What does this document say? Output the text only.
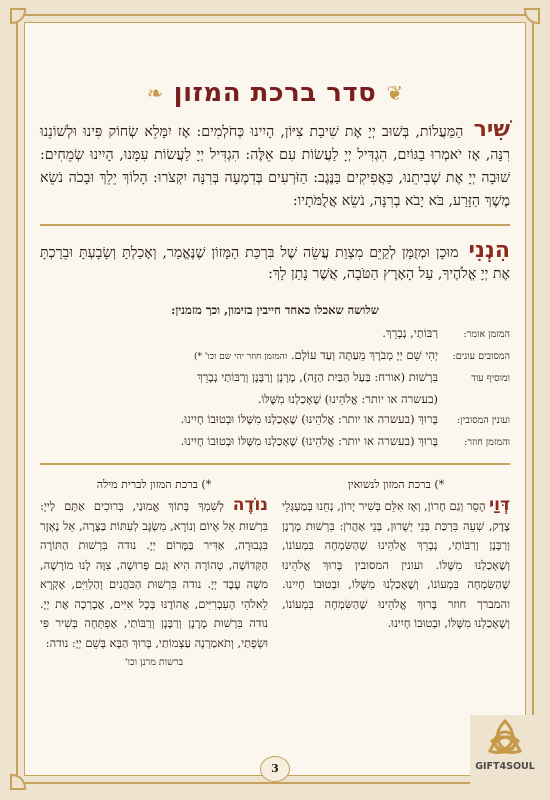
❦
סדר ברכת המזון
❧

שִׁיר הַמַּעֲלוֹת, בְּשׁוּב יְיָ אֶת שִׁיבַת צִיּוֹן, הָיִינוּ כְּחֹלְמִים: אָז יִמָּלֵא שְׂחוֹק פִּינוּ וּלְשׁוֹנֵנוּ רִנָּה, אָז יֹאמְרוּ בַגּוֹיִם, הִגְדִּיל יְיָ לַעֲשׂוֹת עִם אֵלֶּה: הִגְדִּיל יְיָ לַעֲשׂוֹת עִמָּנוּ, הָיִינוּ שְׂמֵחִים: שׁוּבָה יְיָ אֶת שְׁבִיתֵנוּ, כַּאֲפִיקִים בַּנֶּגֶב: הַזֹּרְעִים בְּדִמְעָה בְּרִנָּה יִקְצֹרוּ: הָלוֹךְ יֵלֵךְ וּבָכֹה נֹשֵׂא מֶשֶׁךְ הַזָּרַע, בֹּא יָבֹא בְרִנָּה, נֹשֵׂא אֲלֻמֹּתָיו:

הִנְנִי מוּכָן וּמְזֻמָּן לְקַיֵּם מִצְוַת עֲשֵׂה שֶׁל בִּרְכַּת הַמָּזוֹן שֶׁנֶּאֱמַר, וְאָכַלְתָּ וְשָׂבָעְתָּ וּבֵרַכְתָּ אֶת יְיָ אֱלֹהֶיךָ, עַל הָאָרֶץ הַטֹּבָה, אֲשֶׁר נָתַן לָךְ:

שלושה שאכלו כאחד חייבין בזימון, וכך מזמנין:
המזמן אומר:
רַבּוֹתַי, נְבָרֵךְ.
המסובים עונים:
יְהִי שֵׁם יְיָ מְבֹרָךְ מֵעַתָּה וְעַד עוֹלָם. והמזמן חוזר יהי שם וכו' *)
ומוסיף עוד
בִּרְשׁוּת (אורח: בַּעַל הַבַּיִת הַזֶּה), מָרָנָן וְרַבָּנָן וְרַבּוֹתַי נְבָרֵךְ
(בעשרה או יותר: אֱלֹהֵינוּ) שֶׁאָכַלְנוּ מִשֶּׁלּוֹ.
ועונין המסובין:
בָּרוּךְ (בעשרה או יותר: אֱלֹהֵינוּ) שֶׁאָכַלְנוּ מִשֶּׁלּוֹ וּבְטוּבוֹ חָיִינוּ.
והמזמן חוזר:
בָּרוּךְ (בעשרה או יותר: אֱלֹהֵינוּ) שֶׁאָכַלְנוּ מִשֶּׁלּוֹ וּבְטוּבוֹ חָיִינוּ.
*) ברכת המזון לנשואין
דְּוַי הָסֵר וְגַם חָרוֹן, וְאָז אִלֵּם בְּשִׁיר יָרוֹן, נְחֵנוּ בְּמַעְגְּלֵי צֶדֶק, שְׁעֵה בִּרְכַּת בְּנֵי יְשֻׁרוּן, בְּנֵי אַהֲרֹן: בִּרְשׁוּת מָרָנָן וְרַבָּנָן וְרַבּוֹתַי, נְבָרֵךְ אֱלֹהֵינוּ שֶׁהַשִּׂמְחָה בִּמְעוֹנוֹ, וְשֶׁאָכַלְנוּ מִשֶּׁלּוֹ. ועונין המסובין בָּרוּךְ אֱלֹהֵינוּ שֶׁהַשִּׂמְחָה בִּמְעוֹנוֹ, וְשֶׁאָכַלְנוּ מִשֶּׁלּוֹ, וּבְטוּבוֹ חָיִינוּ. והמברך חוזר בָּרוּךְ אֱלֹהֵינוּ שֶׁהַשִּׂמְחָה בִּמְעוֹנוֹ, וְשֶׁאָכַלְנוּ מִשֶּׁלּוֹ, וּבְטוּבוֹ חָיִינוּ.
*) ברכת המזון לברית מילה
נוֹדֶה לְשִׁמְךָ בְּתוֹךְ אֱמוּנַי, בְּרוּכִים אַתֶּם לַייָ: בִּרְשׁוּת אֵל אָיוֹם וְנוֹרָא, מִשְׂגָּב לְעִתּוֹת בַּצָּרָה, אֵל נֶאְזָר בִּגְבוּרָה, אַדִּיר בַּמָּרוֹם יְיָ. נודה בִּרְשׁוּת הַתּוֹרָה הַקְּדוֹשָׁה, טְהוֹרָה הִיא וְגַם פְּרוּשָׁה, צִוָּה לָנוּ מוֹרָשָׁה, משֶׁה עֶבֶד יְיָ. נודה בִּרְשׁוּת הַכֹּהֲנִים וְהַלְוִיִּם, אֶקְרָא לֵאלֹהֵי הָעִבְרִיִּים, אֲהוֹדֶנּוּ בְּכָל אִיִּים, אֲבָרְכָה אֶת יְיָ. נודה בִּרְשׁוּת מָרָנָן וְרַבָּנָן וְרַבּוֹתַי, אֶפְתְּחָה בְּשִׁיר פִּי וּשְׂפָתַי, וְתֹאמַרְנָה עַצְמוֹתַי, בָּרוּךְ הַבָּא בְּשֵׁם יְיָ: נודה:
ברשות מרנן וכו'
3	GIFT4SOUL
